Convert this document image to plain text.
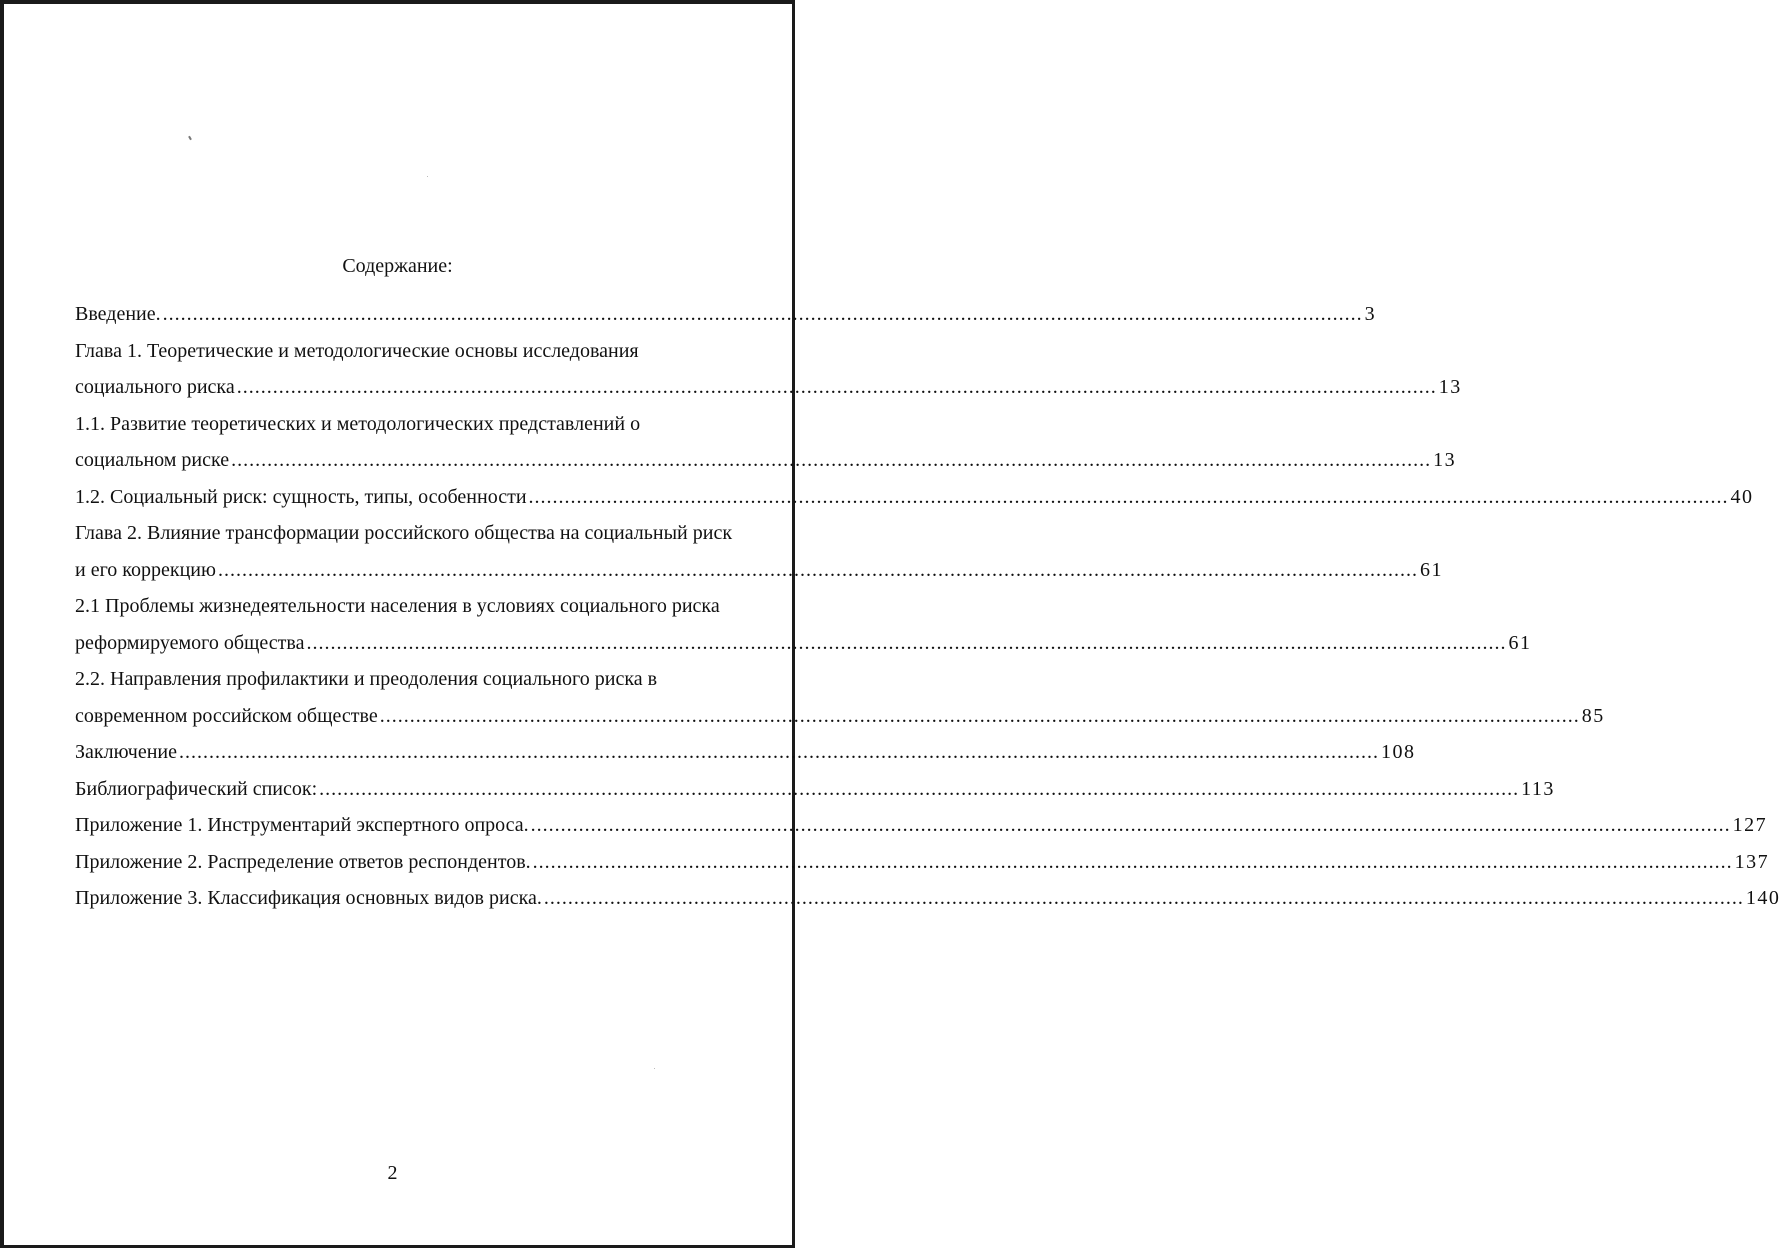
Содержание:
Введение. ........................................................................................................................................................................................................ 3
Глава 1. Теоретические и методологические основы исследования
социального риска ........................................................................................................................................................................................................ 13
1.1. Развитие теоретических и методологических представлений о
социальном риске ........................................................................................................................................................................................................ 13
1.2. Социальный риск: сущность, типы, особенности ........................................................................................................................................................................................................ 40
Глава 2. Влияние трансформации российского общества на социальный риск
и его коррекцию ........................................................................................................................................................................................................ 61
2.1 Проблемы жизнедеятельности населения в условиях социального риска
реформируемого общества ........................................................................................................................................................................................................ 61
2.2. Направления профилактики и преодоления социального риска в
современном российском обществе ........................................................................................................................................................................................................ 85
Заключение ........................................................................................................................................................................................................ 108
Библиографический список: ........................................................................................................................................................................................................ 113
Приложение 1. Инструментарий экспертного опроса. ........................................................................................................................................................................................................ 127
Приложение 2. Распределение ответов респондентов. ........................................................................................................................................................................................................ 137
Приложение 3. Классификация основных видов риска. ........................................................................................................................................................................................................ 140
2
